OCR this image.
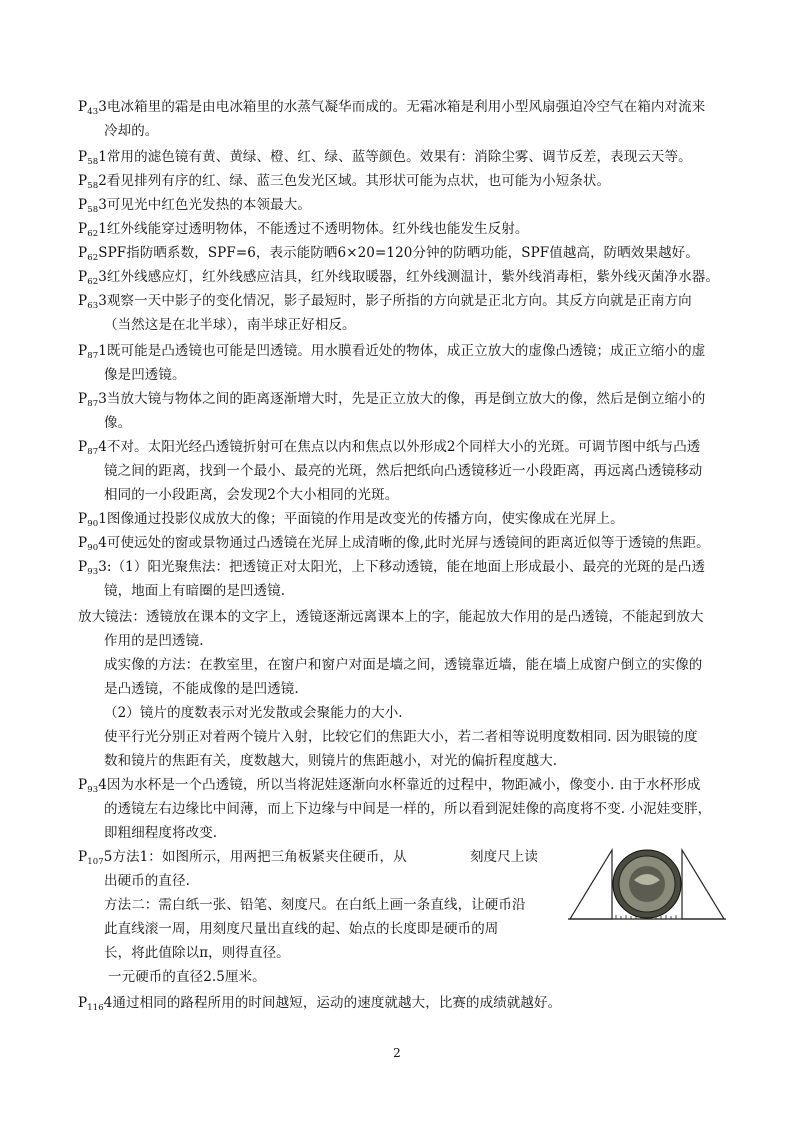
$P_{43}3$电冰箱里的霜是由电冰箱里的水蒸气凝华而成的。无霜冰箱是利用小型风扇强迫冷空气在箱内对流来
冷却的。
$P_{58}1$常用的滤色镜有黄、黄绿、橙、红、绿、蓝等颜色。效果有：消除尘雾、调节反差，表现云天等。
$P_{58}2$看见排列有序的红、绿、蓝三色发光区域。其形状可能为点状，也可能为小短条状。
$P_{58}3$可见光中红色光发热的本领最大。
$P_{62}1$红外线能穿过透明物体，不能透过不透明物体。红外线也能发生反射。
$P_{62}SPF$指防晒系数，SPF=6，表示能防晒6×20=120分钟的防晒功能，SPF值越高，防晒效果越好。
$P_{62}3$红外线感应灯，红外线感应洁具，红外线取暖器，红外线测温计，紫外线消毒柜，紫外线灭菌净水器。
$P_{63}3$观察一天中影子的变化情况，影子最短时，影子所指的方向就是正北方向。其反方向就是正南方向
（当然这是在北半球），南半球正好相反。
$P_{87}1$既可能是凸透镜也可能是凹透镜。用水膜看近处的物体，成正立放大的虚像凸透镜；成正立缩小的虚
像是凹透镜。
$P_{87}3$当放大镜与物体之间的距离逐渐增大时，先是正立放大的像，再是倒立放大的像，然后是倒立缩小的
像。
$P_{87}4$不对。太阳光经凸透镜折射可在焦点以内和焦点以外形成2个同样大小的光斑。可调节图中纸与凸透
镜之间的距离，找到一个最小、最亮的光斑，然后把纸向凸透镜移近一小段距离，再远离凸透镜移动
相同的一小段距离，会发现2个大小相同的光斑。
$P_{90}1$图像通过投影仪成放大的像；平面镜的作用是改变光的传播方向，使实像成在光屏上。
$P_{90}4$可使远处的窗或景物通过凸透镜在光屏上成清晰的像,此时光屏与透镜间的距离近似等于透镜的焦距。
$P_{93}3:(1)$阳光聚焦法：把透镜正对太阳光，上下移动透镜，能在地面上形成最小、最亮的光斑的是凸透
镜，地面上有暗圈的是凹透镜.
放大镜法：透镜放在课本的文字上，透镜逐渐远离课本上的字，能起放大作用的是凸透镜，不能起到放大
作用的是凹透镜.
成实像的方法：在教室里，在窗户和窗户对面是墙之间，透镜靠近墙，能在墙上成窗户倒立的实像的
是凸透镜，不能成像的是凹透镜.
（2）镜片的度数表示对光发散或会聚能力的大小.
使平行光分别正对着两个镜片入射，比较它们的焦距大小，若二者相等说明度数相同. 因为眼镜的度
数和镜片的焦距有关，度数越大，则镜片的焦距越小，对光的偏折程度越大.
$P_{93}4$因为水杯是一个凸透镜，所以当将泥娃逐渐向水杯靠近的过程中，物距减小，像变小. 由于水杯形成
的透镜左右边缘比中间薄，而上下边缘与中间是一样的，所以看到泥娃像的高度将不变. 小泥娃变胖，
即粗细程度将改变.
$P_{107}5$方法1：如图所示，用两把三角板紧夹住硬币，从	刻度尺上读
出硬币的直径.
方法二：需白纸一张、铅笔、刻度尺。在白纸上画一条直线，让硬币沿
此直线滚一周，用刻度尺量出直线的起、始点的长度即是硬币的周
长，将此值除以π，则得直径。
一元硬币的直径2.5厘米。
$P_{116}4$通过相同的路程所用的时间越短，运动的速度就越大，比赛的成绩就越好。
2
